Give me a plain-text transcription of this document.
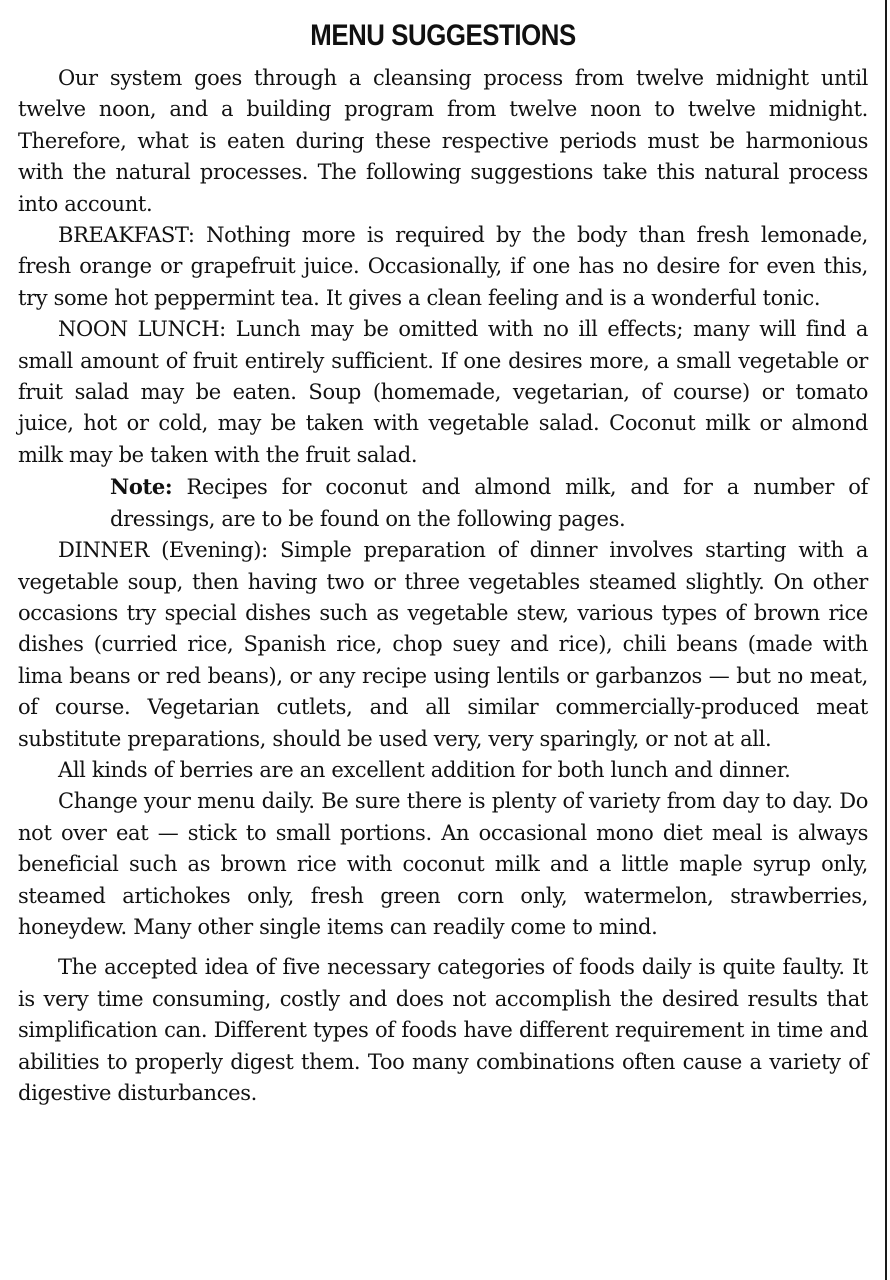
MENU SUGGESTIONS

Our system goes through a cleansing process from twelve midnight until twelve noon, and a building program from twelve noon to twelve midnight. Therefore, what is eaten during these respective periods must be harmonious with the natural processes. The following suggestions take this natural process into account.

BREAKFAST: Nothing more is required by the body than fresh lemonade, fresh orange or grapefruit juice. Occasionally, if one has no desire for even this, try some hot peppermint tea. It gives a clean feeling and is a wonderful tonic.

NOON LUNCH: Lunch may be omitted with no ill effects; many will find a small amount of fruit entirely sufficient. If one desires more, a small vegetable or fruit salad may be eaten. Soup (homemade, vegetarian, of course) or tomato juice, hot or cold, may be taken with vegetable salad. Coconut milk or almond milk may be taken with the fruit salad.

Note: Recipes for coconut and almond milk, and for a number of dressings, are to be found on the following pages.

DINNER (Evening): Simple preparation of dinner involves starting with a vegetable soup, then having two or three vegetables steamed slightly. On other occasions try special dishes such as vegetable stew, various types of brown rice dishes (curried rice, Spanish rice, chop suey and rice), chili beans (made with lima beans or red beans), or any recipe using lentils or garbanzos — but no meat, of course. Vegetarian cutlets, and all similar commercially-produced meat substitute preparations, should be used very, very sparingly, or not at all.

All kinds of berries are an excellent addition for both lunch and dinner.

Change your menu daily. Be sure there is plenty of variety from day to day. Do not over eat — stick to small portions. An occasional mono diet meal is always beneficial such as brown rice with coconut milk and a little maple syrup only, steamed artichokes only, fresh green corn only, watermelon, strawberries, honeydew. Many other single items can readily come to mind.

The accepted idea of five necessary categories of foods daily is quite faulty. It is very time consuming, costly and does not accomplish the desired results that simplification can. Different types of foods have different requirement in time and abilities to properly digest them. Too many combinations often cause a variety of digestive disturbances.
